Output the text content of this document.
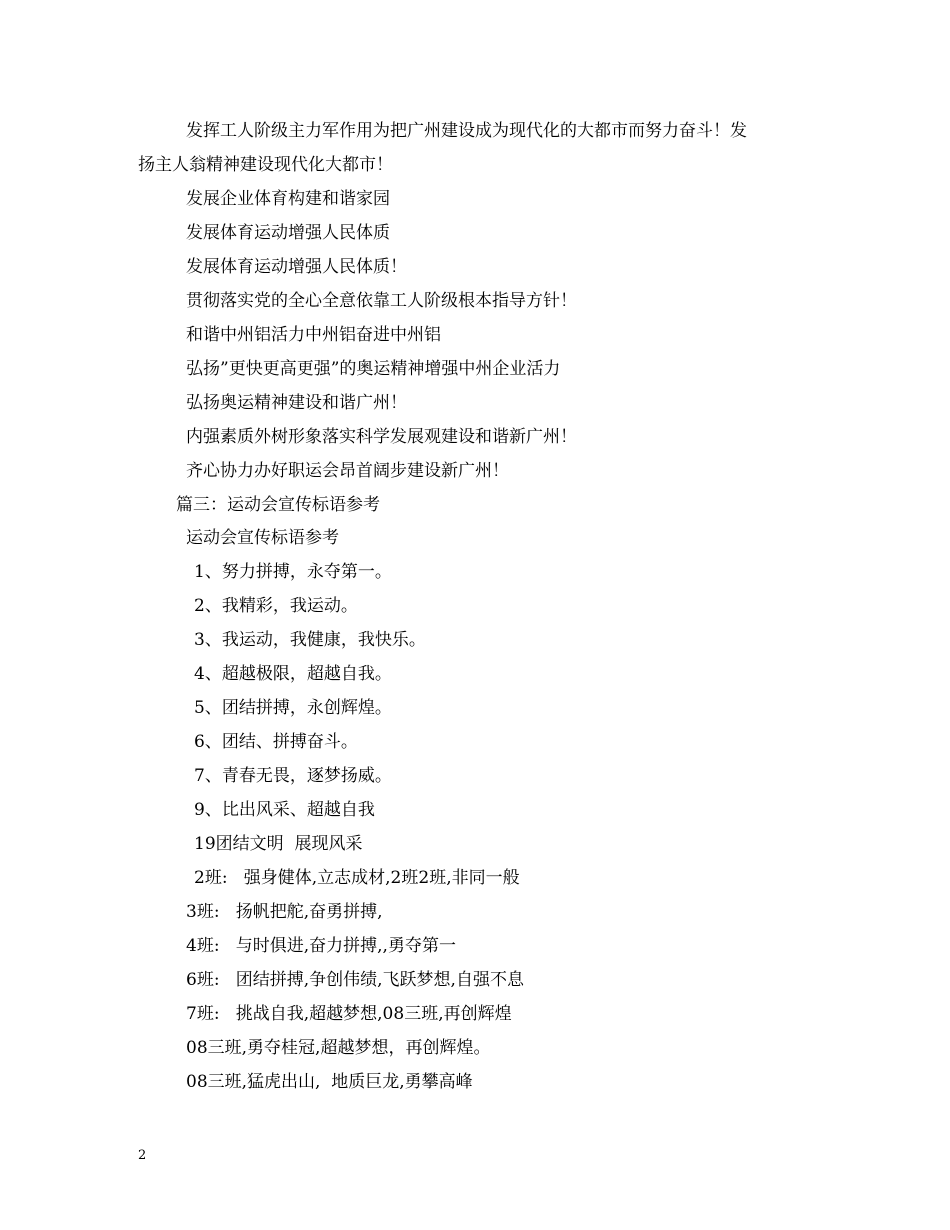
发挥工人阶级主力军作用为把广州建设成为现代化的大都市而努力奋斗！发
扬主人翁精神建设现代化大都市！
发展企业体育构建和谐家园
发展体育运动增强人民体质
发展体育运动增强人民体质！
贯彻落实党的全心全意依靠工人阶级根本指导方针！
和谐中州铝活力中州铝奋进中州铝
弘扬”更快更高更强”的奥运精神增强中州企业活力
弘扬奥运精神建设和谐广州！
内强素质外树形象落实科学发展观建设和谐新广州！
齐心协力办好职运会昂首阔步建设新广州！
篇三：运动会宣传标语参考
运动会宣传标语参考
1、努力拼搏，永夺第一。
2、我精彩，我运动。
3、我运动，我健康，我快乐。
4、超越极限，超越自我。
5、团结拼搏，永创辉煌。
6、团结、拼搏奋斗。
7、青春无畏，逐梦扬威。
9、比出风采、超越自我
19团结文明  展现风采
2班:   强身健体,立志成材,2班2班,非同一般
3班:   扬帆把舵,奋勇拼搏,
4班:   与时俱进,奋力拼搏,,勇夺第一
6班:   团结拼搏,争创伟绩,飞跃梦想,自强不息
7班:   挑战自我,超越梦想,08三班,再创辉煌
08三班,勇夺桂冠,超越梦想，再创辉煌。
08三班,猛虎出山,  地质巨龙,勇攀高峰
2
